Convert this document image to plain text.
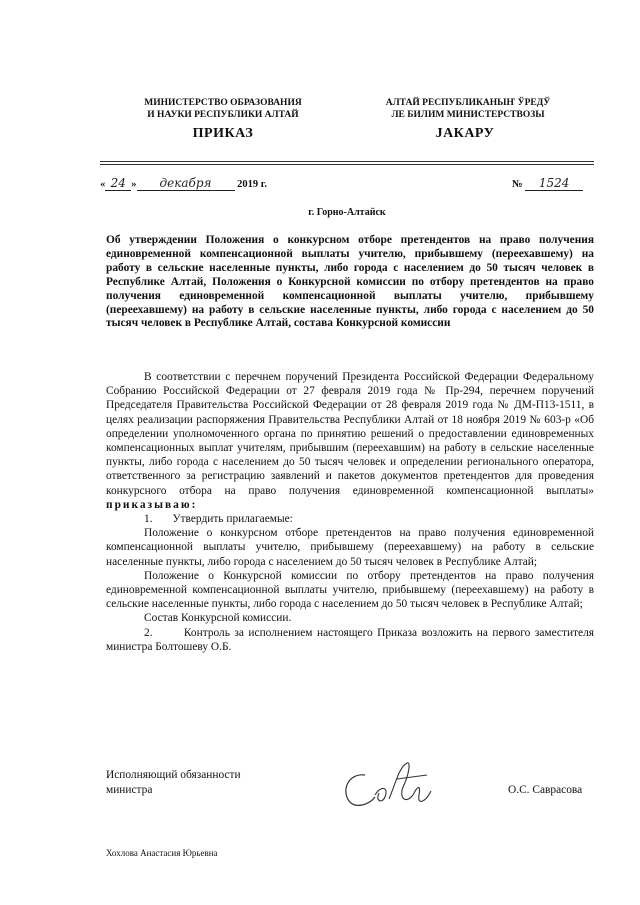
МИНИСТЕРСТВО ОБРАЗОВАНИЯ
И НАУКИ РЕСПУБЛИКИ АЛТАЙ
АЛТАЙ РЕСПУБЛИКАНЫҤ ЎРЕДЎ
ЛЕ БИЛИМ МИНИСТЕРСТВОЗЫ
ПРИКАЗ	JАКАРУ
« 24 » декабря 2019 г.	№ 1524
г. Горно-Алтайск
Об утверждении Положения о конкурсном отборе претендентов на право получения единовременной компенсационной выплаты учителю, прибывшему (переехавшему) на работу в сельские населенные пункты, либо города с населением до 50 тысяч человек в Республике Алтай, Положения о Конкурсной комиссии по отбору претендентов на право получения единовременной компенсационной выплаты учителю, прибывшему (переехавшему) на работу в сельские населенные пункты, либо города с населением до 50 тысяч человек в Республике Алтай, состава Конкурсной комиссии

В соответствии с перечнем поручений Президента Российской Федерации Федеральному Собранию Российской Федерации от 27 февраля 2019 года № Пр-294, перечнем поручений Председателя Правительства Российской Федерации от 28 февраля 2019 года № ДМ-П13-1511, в целях реализации распоряжения Правительства Республики Алтай от 18 ноября 2019 № 603-р «Об определении уполномоченного органа по принятию решений о предоставлении единовременных компенсационных выплат учителям, прибывшим (переехавшим) на работу в сельские населенные пункты, либо города с населением до 50 тысяч человек и определении регионального оператора, ответственного за регистрацию заявлений и пакетов документов претендентов для проведения конкурсного отбора на право получения единовременной компенсационной выплаты» приказываю:

1. Утвердить прилагаемые:

Положение о конкурсном отборе претендентов на право получения единовременной компенсационной выплаты учителю, прибывшему (переехавшему) на работу в сельские населенные пункты, либо города с населением до 50 тысяч человек в Республике Алтай;

Положение о Конкурсной комиссии по отбору претендентов на право получения единовременной компенсационной выплаты учителю, прибывшему (переехавшему) на работу в сельские населенные пункты, либо города с населением до 50 тысяч человек в Республике Алтай;

Состав Конкурсной комиссии.

2.	Контроль за исполнением настоящего Приказа возложить на первого заместителя министра Болтошеву О.Б.

Исполняющий обязанности
министра	О.С. Саврасова
Хохлова Анастасия Юрьевна
